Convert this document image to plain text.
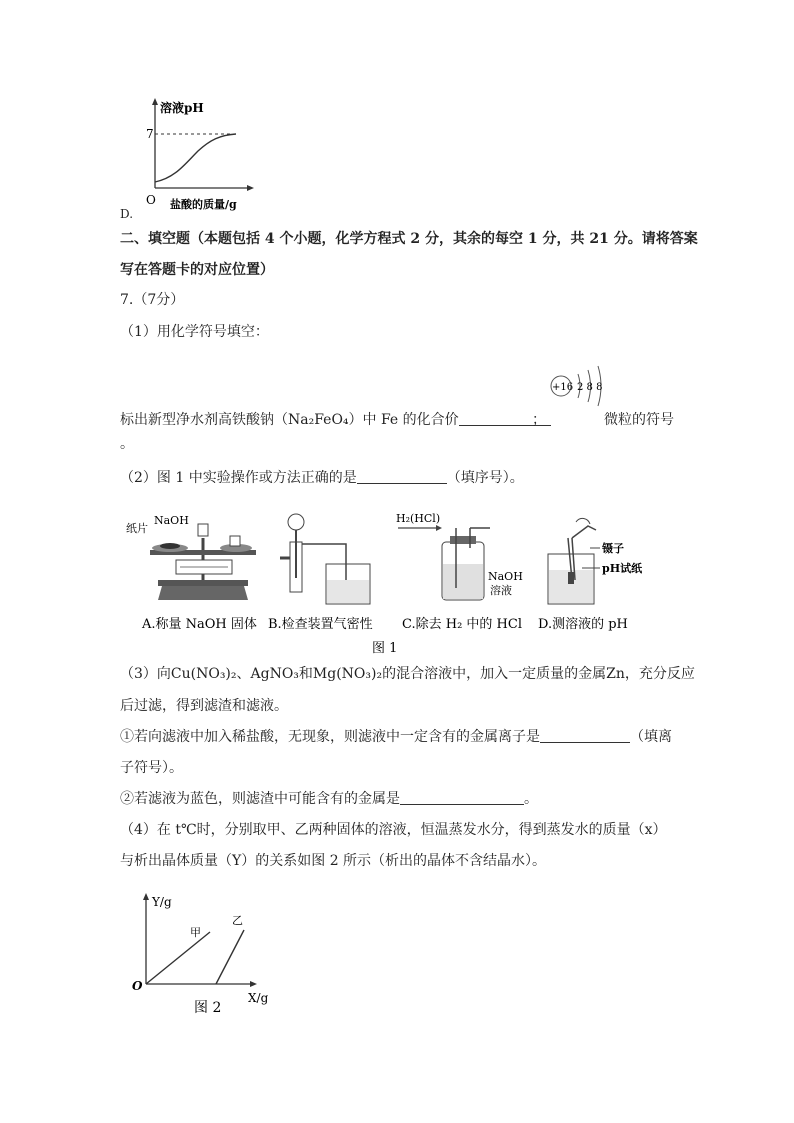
溶液pH
7
O 盐酸的质量/g
D.
二、填空题（本题包括 4 个小题，化学方程式 2 分，其余的每空 1 分，共 21 分。请将答案
写在答题卡的对应位置）
7.（7分）
（1）用化学符号填空：
+16 2 8 8
标出新型净水剂高铁酸钠（Na₂FeO₄）中 Fe 的化合价	；	微粒的符号
。
（2）图 1 中实验操作或方法正确的是	（填序号）。
纸片
NaOH	H₂(HCl)
NaOH
溶液
镊子
pH试纸
A.称量 NaOH 固体 B.检查装置气密性 C.除去 H₂ 中的 HCl D.测溶液的 pH
图 1
（3）向Cu(NO₃)₂、AgNO₃和Mg(NO₃)₂的混合溶液中，加入一定质量的金属Zn，充分反应
后过滤，得到滤渣和滤液。
①若向滤液中加入稀盐酸，无现象，则滤液中一定含有的金属离子是	（填离
子符号）。
②若滤液为蓝色，则滤渣中可能含有的金属是	。
（4）在 t℃时，分别取甲、乙两种固体的溶液，恒温蒸发水分，得到蒸发水的质量（x）
与析出晶体质量（Y）的关系如图 2 所示（析出的晶体不含结晶水）。
Y/g
甲
乙
O
X/g
图 2
